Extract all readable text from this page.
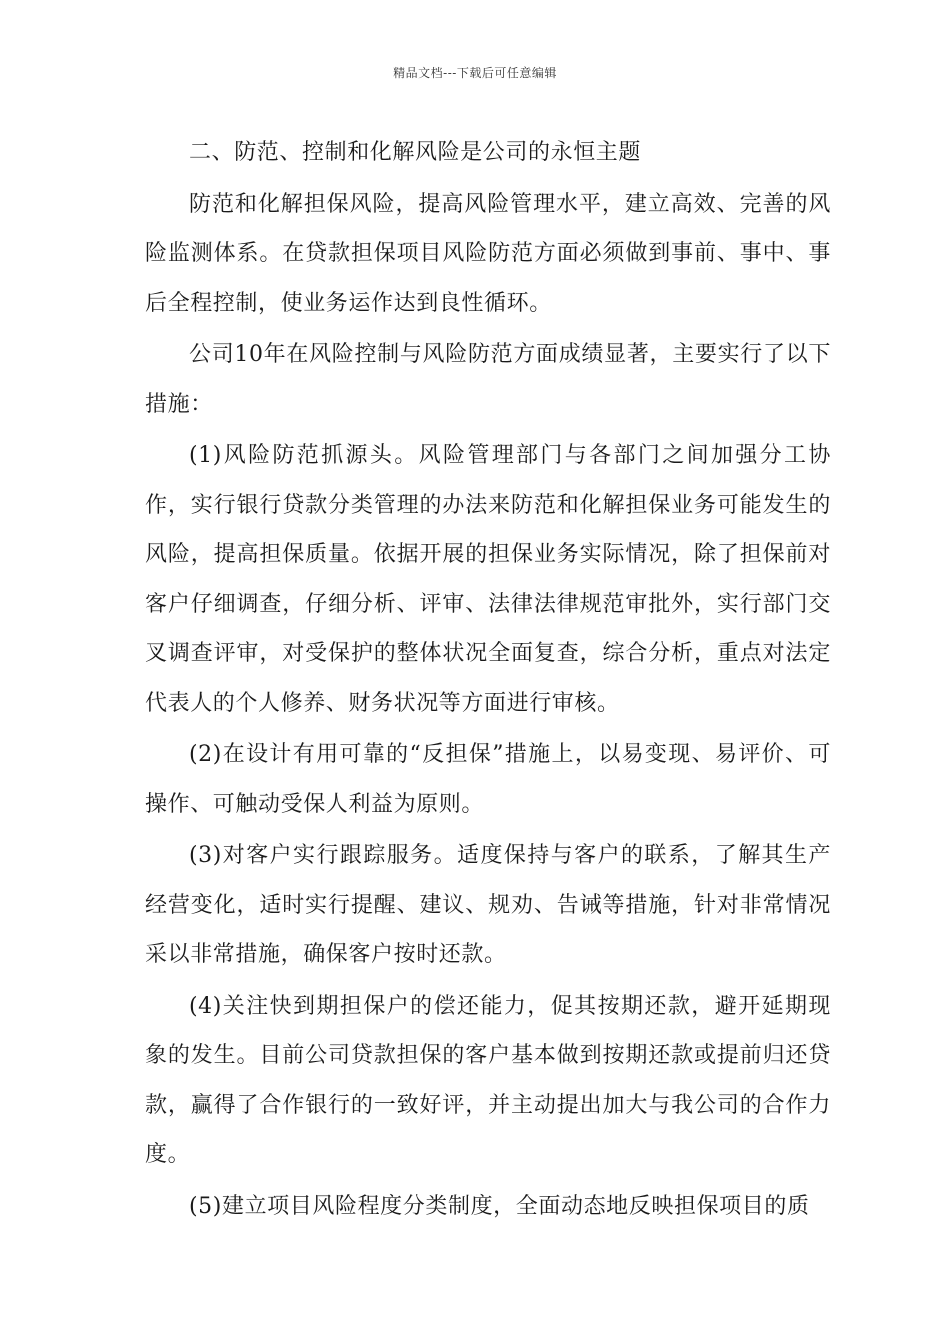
精品文档---下载后可任意编辑

二、防范、控制和化解风险是公司的永恒主题

防范和化解担保风险，提高风险管理水平，建立高效、完善的风险监测体系。在贷款担保项目风险防范方面必须做到事前、事中、事后全程控制，使业务运作达到良性循环。

公司10年在风险控制与风险防范方面成绩显著，主要实行了以下措施：

(1)风险防范抓源头。风险管理部门与各部门之间加强分工协作，实行银行贷款分类管理的办法来防范和化解担保业务可能发生的风险，提高担保质量。依据开展的担保业务实际情况，除了担保前对客户仔细调查，仔细分析、评审、法律法律规范审批外，实行部门交叉调查评审，对受保护的整体状况全面复查，综合分析，重点对法定代表人的个人修养、财务状况等方面进行审核。

(2)在设计有用可靠的“反担保”措施上，以易变现、易评价、可操作、可触动受保人利益为原则。

(3)对客户实行跟踪服务。适度保持与客户的联系，了解其生产经营变化，适时实行提醒、建议、规劝、告诫等措施，针对非常情况采以非常措施，确保客户按时还款。

(4)关注快到期担保户的偿还能力，促其按期还款，避开延期现象的发生。目前公司贷款担保的客户基本做到按期还款或提前归还贷款，赢得了合作银行的一致好评，并主动提出加大与我公司的合作力度。

(5)建立项目风险程度分类制度，全面动态地反映担保项目的质
